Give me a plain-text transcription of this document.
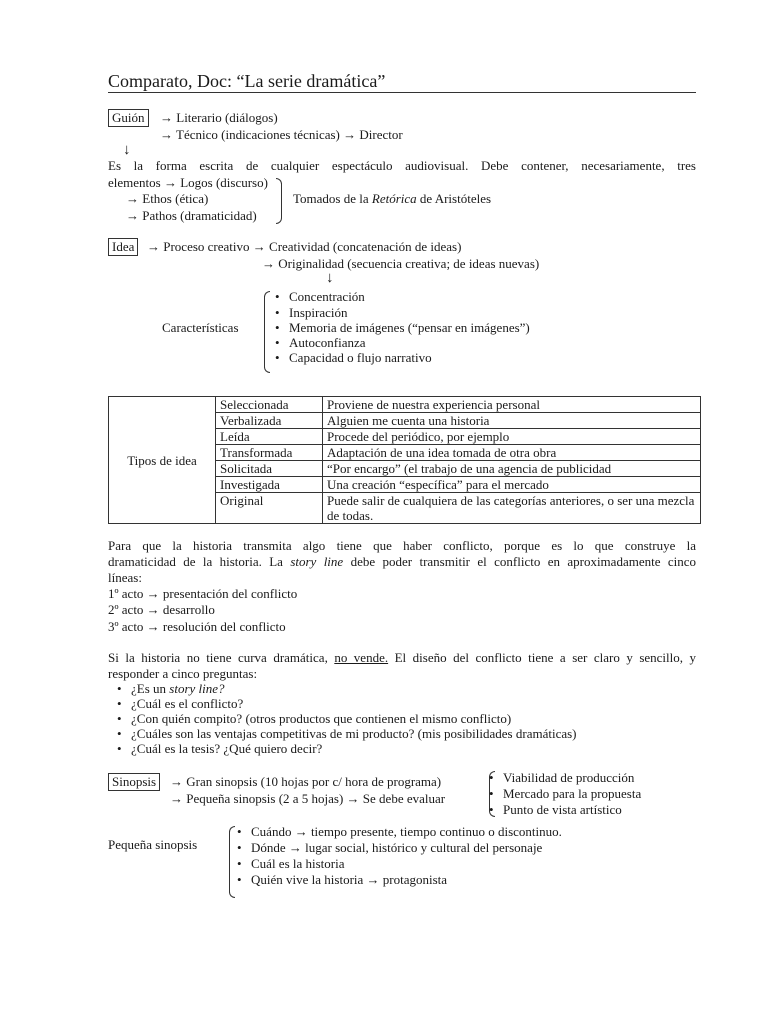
Comparato, Doc: “La serie dramática”
Guión	→ Literario (diálogos)
→ Técnico (indicaciones técnicas) → Director
↓
Es la forma escrita de cualquier espectáculo audiovisual. Debe contener, necesariamente, tres
elementos → Logos (discurso)
→ Ethos (ética)
→ Pathos (dramaticidad)
Tomados de la Retórica de Aristóteles
Idea → Proceso creativo → Creatividad (concatenación de ideas)
→ Originalidad (secuencia creativa; de ideas nuevas)
↓
Características
• Concentración
• Inspiración
• Memoria de imágenes (“pensar en imágenes”)
• Autoconfianza
• Capacidad o flujo narrativo
Tipos de idea	Seleccionada	Proviene de nuestra experiencia personal
	Verbalizada	Alguien me cuenta una historia
	Leída	Procede del periódico, por ejemplo
	Transformada	Adaptación de una idea tomada de otra obra
	Solicitada	“Por encargo” (el trabajo de una agencia de publicidad
	Investigada	Una creación “específica” para el mercado
	Original	Puede salir de cualquiera de las categorías anteriores, o ser una mezcla de todas.
Para que la historia transmita algo tiene que haber conflicto, porque es lo que construye la
dramaticidad de la historia. La story line debe poder transmitir el conflicto en aproximadamente cinco
líneas:
1º acto → presentación del conflicto
2º acto → desarrollo
3º acto → resolución del conflicto
Si la historia no tiene curva dramática, no vende. El diseño del conflicto tiene a ser claro y sencillo, y
responder a cinco preguntas:
• ¿Es un story line?
• ¿Cuál es el conflicto?
• ¿Con quién compito? (otros productos que contienen el mismo conflicto)
• ¿Cuáles son las ventajas competitivas de mi producto? (mis posibilidades dramáticas)
• ¿Cuál es la tesis? ¿Qué quiero decir?
Sinopsis	→ Gran sinopsis (10 hojas por c/ hora de programa)
→ Pequeña sinopsis (2 a 5 hojas) → Se debe evaluar
• Viabilidad de producción
• Mercado para la propuesta
• Punto de vista artístico
Pequeña sinopsis
• Cuándo → tiempo presente, tiempo continuo o discontinuo.
• Dónde → lugar social, histórico y cultural del personaje
• Cuál es la historia
• Quién vive la historia → protagonista
